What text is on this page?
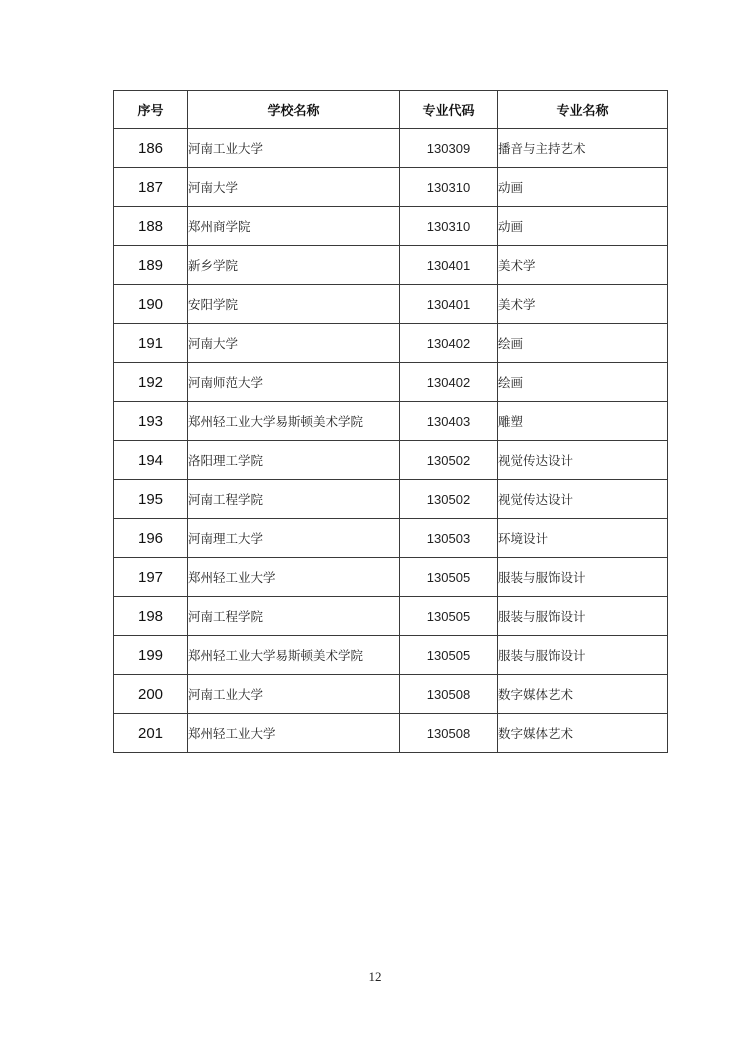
序号	学校名称	专业代码	专业名称
186	河南工业大学	130309	播音与主持艺术
187	河南大学	130310	动画
188	郑州商学院	130310	动画
189	新乡学院	130401	美术学
190	安阳学院	130401	美术学
191	河南大学	130402	绘画
192	河南师范大学	130402	绘画
193	郑州轻工业大学易斯顿美术学院	130403	雕塑
194	洛阳理工学院	130502	视觉传达设计
195	河南工程学院	130502	视觉传达设计
196	河南理工大学	130503	环境设计
197	郑州轻工业大学	130505	服装与服饰设计
198	河南工程学院	130505	服装与服饰设计
199	郑州轻工业大学易斯顿美术学院	130505	服装与服饰设计
200	河南工业大学	130508	数字媒体艺术
201	郑州轻工业大学	130508	数字媒体艺术
12
